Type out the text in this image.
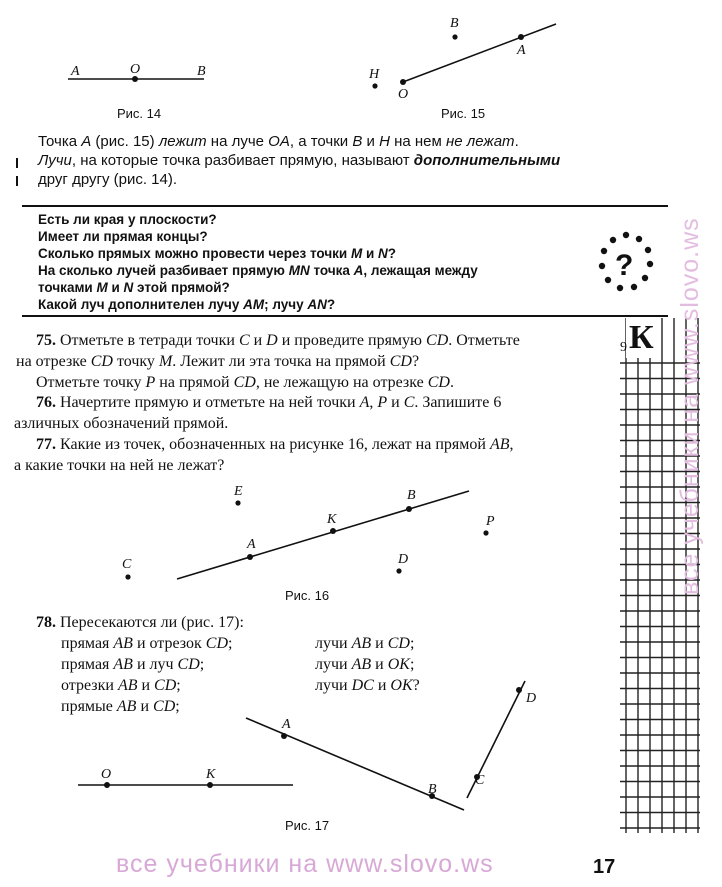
A	O	B
B
A
H
O
Рис. 14	Рис. 15

Точка A (рис. 15) лежит на луче OA, а точки B и H на нем не лежат.

Лучи, на которые точка разбивает прямую, называют дополнительными

друг другу (рис. 14).

Есть ли края у плоскости?
Имеет ли прямая концы?
Сколько прямых можно провести через точки M и N?
На сколько лучей разбивает прямую MN точка A, лежащая между
точками M и N этой прямой?
Какой луч дополнителен лучу AM; лучу AN?
?
К
9
75. Отметьте в тетради точки C и D и проведите прямую CD. Отметьте
на отрезке CD точку M. Лежит ли эта точка на прямой CD?
Отметьте точку P на прямой CD, не лежащую на отрезке CD.
76. Начертите прямую и отметьте на ней точки A, P и C. Запишите 6
азличных обозначений прямой.
77. Какие из точек, обозначенных на рисунке 16, лежат на прямой AB,
а какие точки на ней не лежат?
E	B
K	P
A
C	D
Рис. 16
78. Пересекаются ли (рис. 17):
прямая AB и отрезок CD;
прямая AB и луч CD;
отрезки AB и CD;
прямые AB и CD;
лучи AB и CD;
лучи AB и OK;
лучи DC и OK?
A
D
O	K
B
C
Рис. 17
все учебники на www.slovo.ws
все учебники на www.slovo.ws	17
